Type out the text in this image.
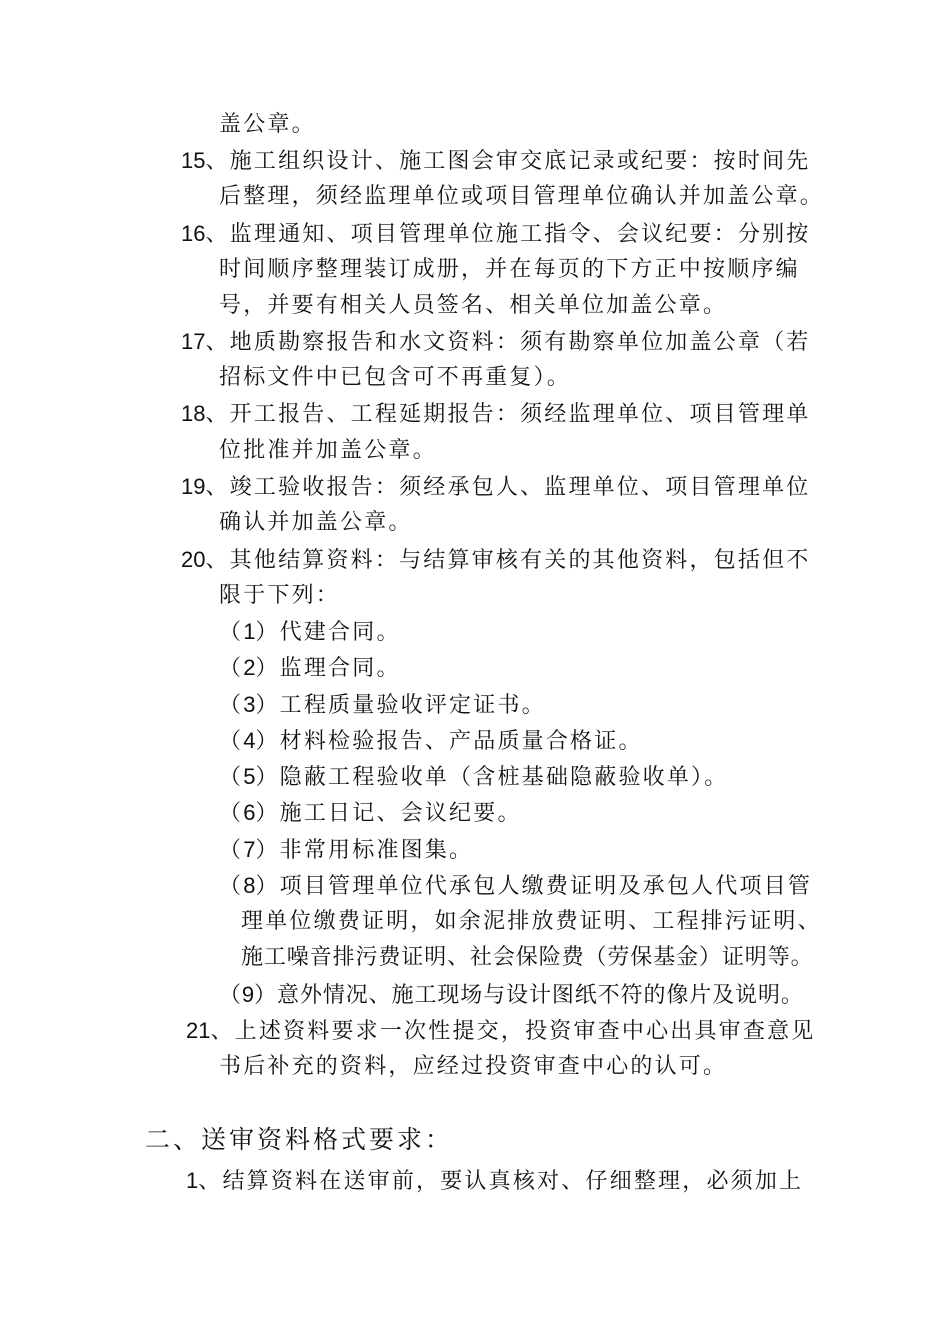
盖公章。
15、施工组织设计、施工图会审交底记录或纪要：按时间先
后整理，须经监理单位或项目管理单位确认并加盖公章。
16、监理通知、项目管理单位施工指令、会议纪要：分别按
时间顺序整理装订成册，并在每页的下方正中按顺序编
号，并要有相关人员签名、相关单位加盖公章。
17、地质勘察报告和水文资料：须有勘察单位加盖公章（若
招标文件中已包含可不再重复）。
18、开工报告、工程延期报告：须经监理单位、项目管理单
位批准并加盖公章。
19、竣工验收报告：须经承包人、监理单位、项目管理单位
确认并加盖公章。
20、其他结算资料：与结算审核有关的其他资料，包括但不
限于下列：
（1）代建合同。
（2）监理合同。
（3）工程质量验收评定证书。
（4）材料检验报告、产品质量合格证。
（5）隐蔽工程验收单（含桩基础隐蔽验收单）。
（6）施工日记、会议纪要。
（7）非常用标准图集。
（8）项目管理单位代承包人缴费证明及承包人代项目管
理单位缴费证明，如余泥排放费证明、工程排污证明、
施工噪音排污费证明、社会保险费（劳保基金）证明等。
（9）意外情况、施工现场与设计图纸不符的像片及说明。
21、上述资料要求一次性提交，投资审查中心出具审查意见
书后补充的资料，应经过投资审查中心的认可。
二、送审资料格式要求：
1、结算资料在送审前，要认真核对、仔细整理，必须加上
